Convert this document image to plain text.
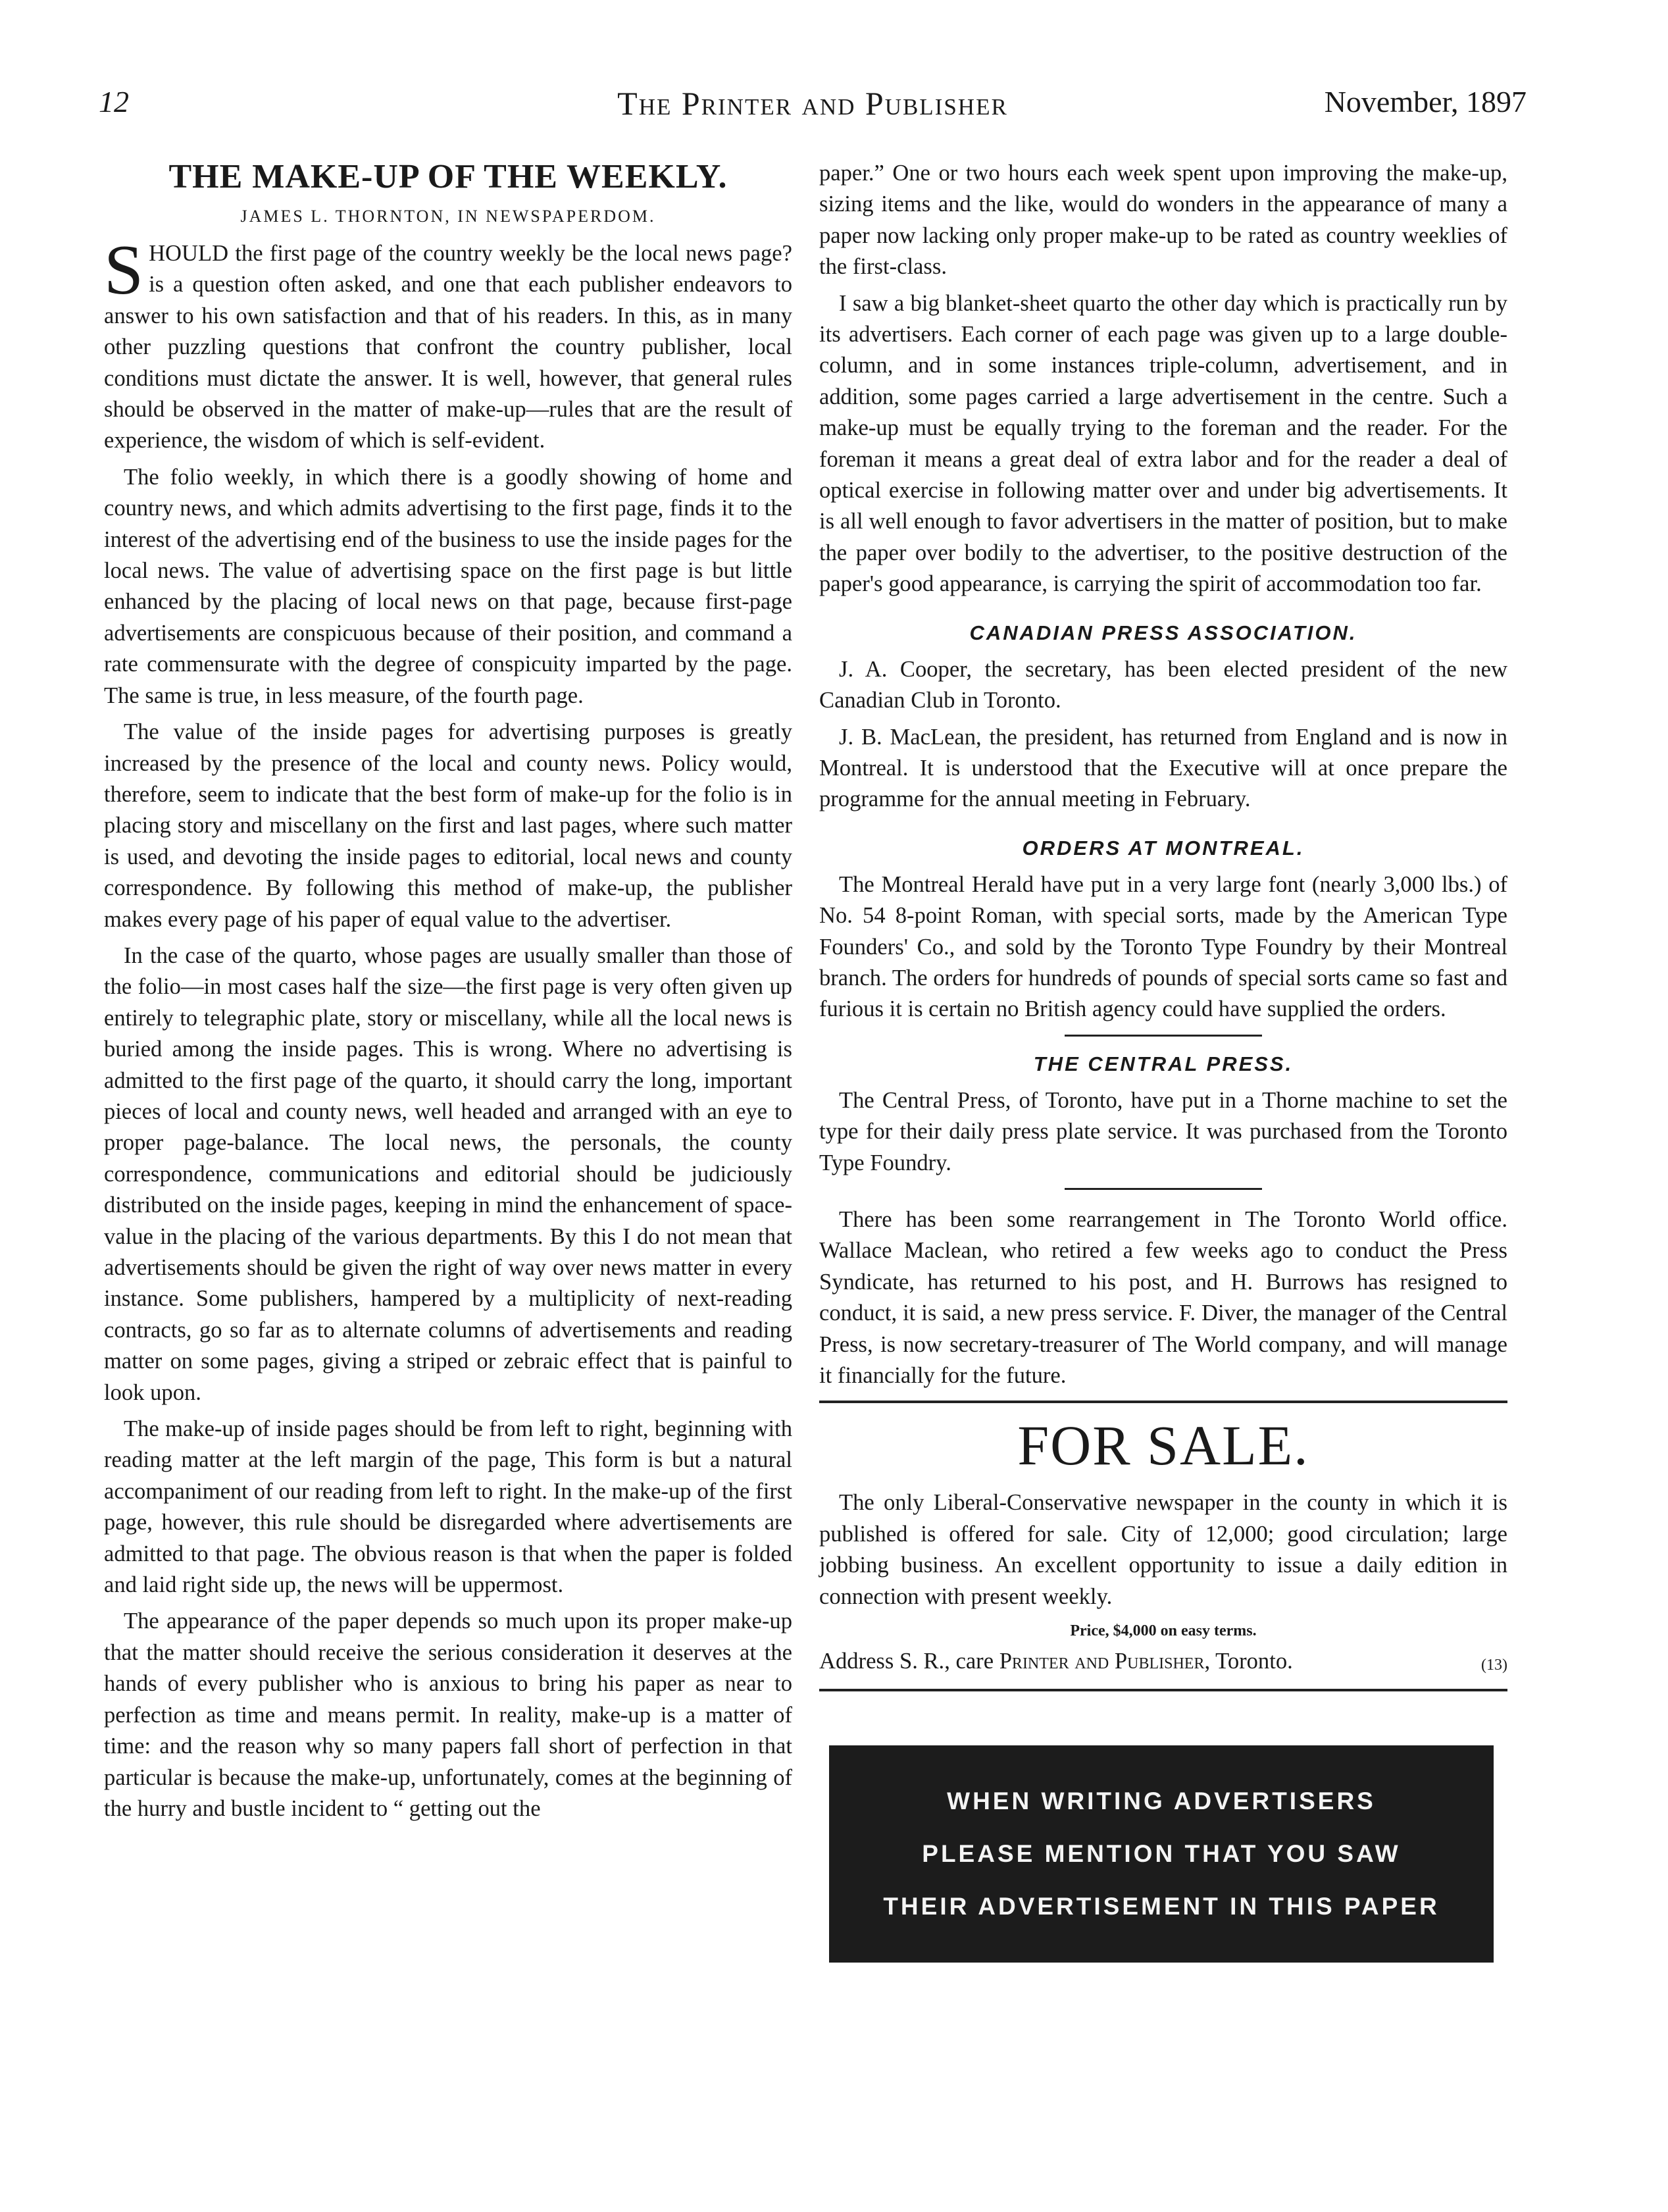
12	The Printer and Publisher	November, 1897
THE MAKE-UP OF THE WEEKLY.
JAMES L. THORNTON, IN NEWSPAPERDOM.

SHOULD the first page of the country weekly be the local news page? is a question often asked, and one that each publisher endeavors to answer to his own satisfaction and that of his readers. In this, as in many other puzzling questions that confront the country publisher, local conditions must dictate the answer. It is well, however, that general rules should be observed in the matter of make-up—rules that are the result of experience, the wisdom of which is self-evident.

The folio weekly, in which there is a goodly showing of home and country news, and which admits advertising to the first page, finds it to the interest of the advertising end of the business to use the inside pages for the local news. The value of advertising space on the first page is but little enhanced by the placing of local news on that page, because first-page advertisements are conspicuous because of their position, and command a rate commensurate with the degree of conspicuity imparted by the page. The same is true, in less measure, of the fourth page.

The value of the inside pages for advertising purposes is greatly increased by the presence of the local and county news. Policy would, therefore, seem to indicate that the best form of make-up for the folio is in placing story and miscellany on the first and last pages, where such matter is used, and devoting the inside pages to editorial, local news and county correspondence. By following this method of make-up, the publisher makes every page of his paper of equal value to the advertiser.

In the case of the quarto, whose pages are usually smaller than those of the folio—in most cases half the size—the first page is very often given up entirely to telegraphic plate, story or miscellany, while all the local news is buried among the inside pages. This is wrong. Where no advertising is admitted to the first page of the quarto, it should carry the long, important pieces of local and county news, well headed and arranged with an eye to proper page-balance. The local news, the personals, the county correspondence, communications and editorial should be judiciously distributed on the inside pages, keeping in mind the enhancement of space-value in the placing of the various departments. By this I do not mean that advertisements should be given the right of way over news matter in every instance. Some publishers, hampered by a multiplicity of next-reading contracts, go so far as to alternate columns of advertisements and reading matter on some pages, giving a striped or zebraic effect that is painful to look upon.

The make-up of inside pages should be from left to right, beginning with reading matter at the left margin of the page, This form is but a natural accompaniment of our reading from left to right. In the make-up of the first page, however, this rule should be disregarded where advertisements are admitted to that page. The obvious reason is that when the paper is folded and laid right side up, the news will be uppermost.

The appearance of the paper depends so much upon its proper make-up that the matter should receive the serious consideration it deserves at the hands of every publisher who is anxious to bring his paper as near to perfection as time and means permit. In reality, make-up is a matter of time: and the reason why so many papers fall short of perfection in that particular is because the make-up, unfortunately, comes at the beginning of the hurry and bustle incident to “ getting out the

paper.” One or two hours each week spent upon improving the make-up, sizing items and the like, would do wonders in the appearance of many a paper now lacking only proper make-up to be rated as country weeklies of the first-class.

I saw a big blanket-sheet quarto the other day which is practically run by its advertisers. Each corner of each page was given up to a large double-column, and in some instances triple-column, advertisement, and in addition, some pages carried a large advertisement in the centre. Such a make-up must be equally trying to the foreman and the reader. For the foreman it means a great deal of extra labor and for the reader a deal of optical exercise in following matter over and under big advertisements. It is all well enough to favor advertisers in the matter of position, but to make the paper over bodily to the advertiser, to the positive destruction of the paper's good appearance, is carrying the spirit of accommodation too far.

CANADIAN PRESS ASSOCIATION.

J. A. Cooper, the secretary, has been elected president of the new Canadian Club in Toronto.

J. B. MacLean, the president, has returned from England and is now in Montreal. It is understood that the Executive will at once prepare the programme for the annual meeting in February.

ORDERS AT MONTREAL.

The Montreal Herald have put in a very large font (nearly 3,000 lbs.) of No. 54 8-point Roman, with special sorts, made by the American Type Founders' Co., and sold by the Toronto Type Foundry by their Montreal branch. The orders for hundreds of pounds of special sorts came so fast and furious it is certain no British agency could have supplied the orders.

THE CENTRAL PRESS.

The Central Press, of Toronto, have put in a Thorne machine to set the type for their daily press plate service. It was purchased from the Toronto Type Foundry.

There has been some rearrangement in The Toronto World office. Wallace Maclean, who retired a few weeks ago to conduct the Press Syndicate, has returned to his post, and H. Burrows has resigned to conduct, it is said, a new press service. F. Diver, the manager of the Central Press, is now secretary-treasurer of The World company, and will manage it financially for the future.

FOR SALE.

The only Liberal-Conservative newspaper in the county in which it is published is offered for sale. City of 12,000; good circulation; large jobbing business. An excellent opportunity to issue a daily edition in connection with present weekly.

Price, $4,000 on easy terms.
Address S. R., care Printer and Publisher, Toronto.	(13)
WHEN WRITING ADVERTISERS
PLEASE MENTION THAT YOU SAW
THEIR ADVERTISEMENT IN THIS PAPER
